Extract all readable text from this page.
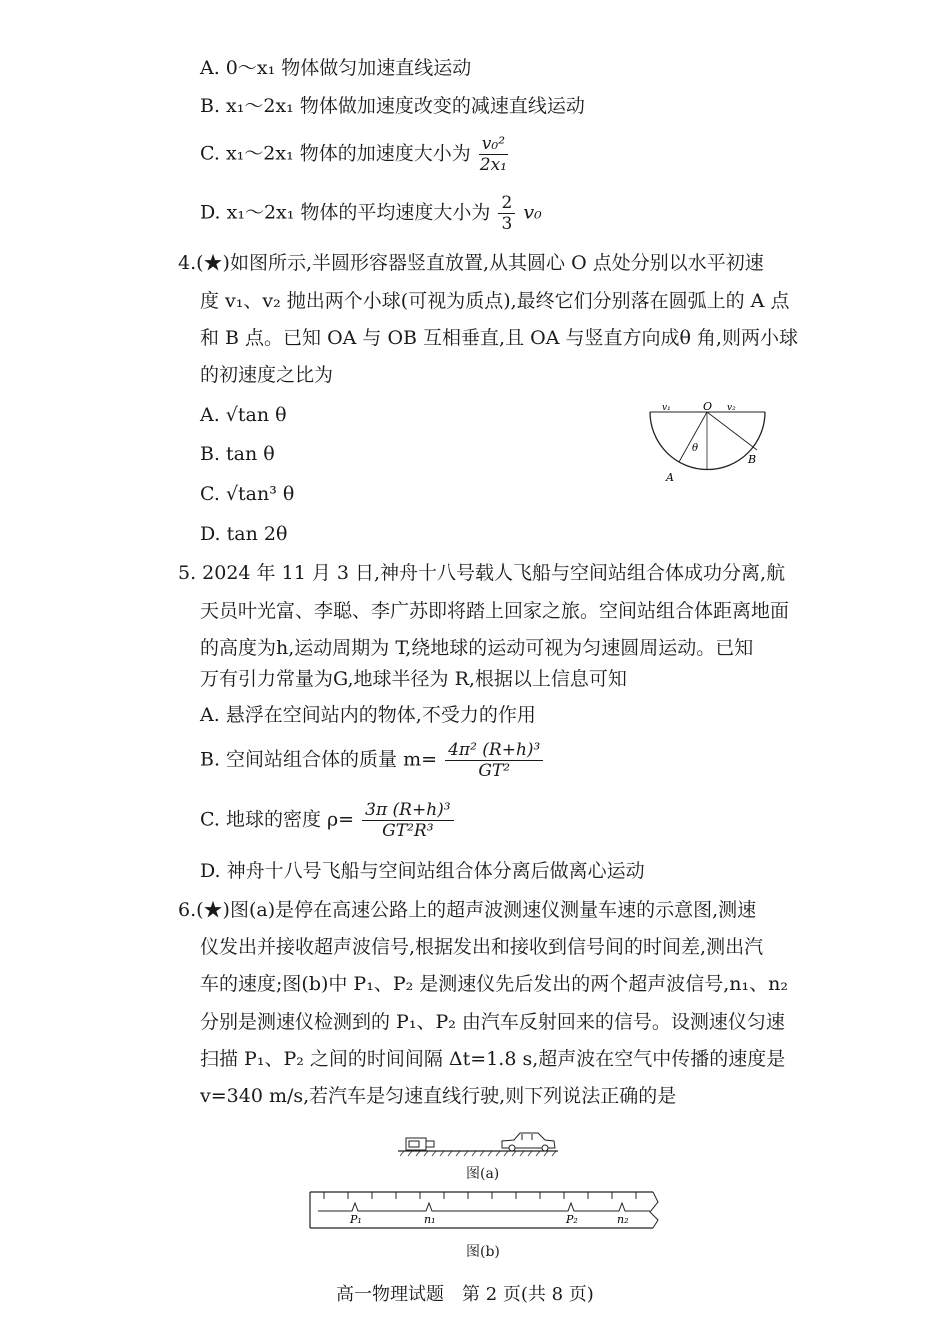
A. 0～x₁ 物体做匀加速直线运动
B. x₁～2x₁ 物体做加速度改变的减速直线运动
C. x₁～2x₁ 物体的加速度大小为 $\frac{\text{v₀²}}{\text{2x₁}}$
D. x₁～2x₁ 物体的平均速度大小为 $\frac{2}{3} v_0$
4.(★)如图所示,半圆形容器竖直放置,从其圆心 O 点处分别以水平初速
度 v₁、v₂ 抛出两个小球(可视为质点),最终它们分别落在圆弧上的 A 点
和 B 点。已知 OA 与 OB 互相垂直,且 OA 与竖直方向成θ 角,则两小球
的初速度之比为
A. √tan θ
B. tan θ
C. √tan³ θ
D. tan 2θ
v₁	O v₂
θ
A
B
5. 2024 年 11 月 3 日,神舟十八号载人飞船与空间站组合体成功分离,航
天员叶光富、李聪、李广苏即将踏上回家之旅。空间站组合体距离地面
的高度为h,运动周期为 T,绕地球的运动可视为匀速圆周运动。已知
万有引力常量为G,地球半径为 R,根据以上信息可知
A. 悬浮在空间站内的物体,不受力的作用
B. 空间站组合体的质量 $m= \frac{\text{4π² (R+h)³}}{\text{GT²}}$
C. 地球的密度 $\rho= \frac{\text{3π (R+h)³}}{\text{GT²R³}}$
D. 神舟十八号飞船与空间站组合体分离后做离心运动
6.(★)图(a)是停在高速公路上的超声波测速仪测量车速的示意图,测速
仪发出并接收超声波信号,根据发出和接收到信号间的时间差,测出汽
车的速度;图(b)中 P₁、P₂ 是测速仪先后发出的两个超声波信号,n₁、n₂
分别是测速仪检测到的 P₁、P₂ 由汽车反射回来的信号。设测速仪匀速
扫描 P₁、P₂ 之间的时间间隔 Δt=1.8 s,超声波在空气中传播的速度是
v=340 m/s,若汽车是匀速直线行驶,则下列说法正确的是
图(a)
P₁	n₁	P₂	n₂
图(b)
高一物理试题　第 2 页(共 8 页)
